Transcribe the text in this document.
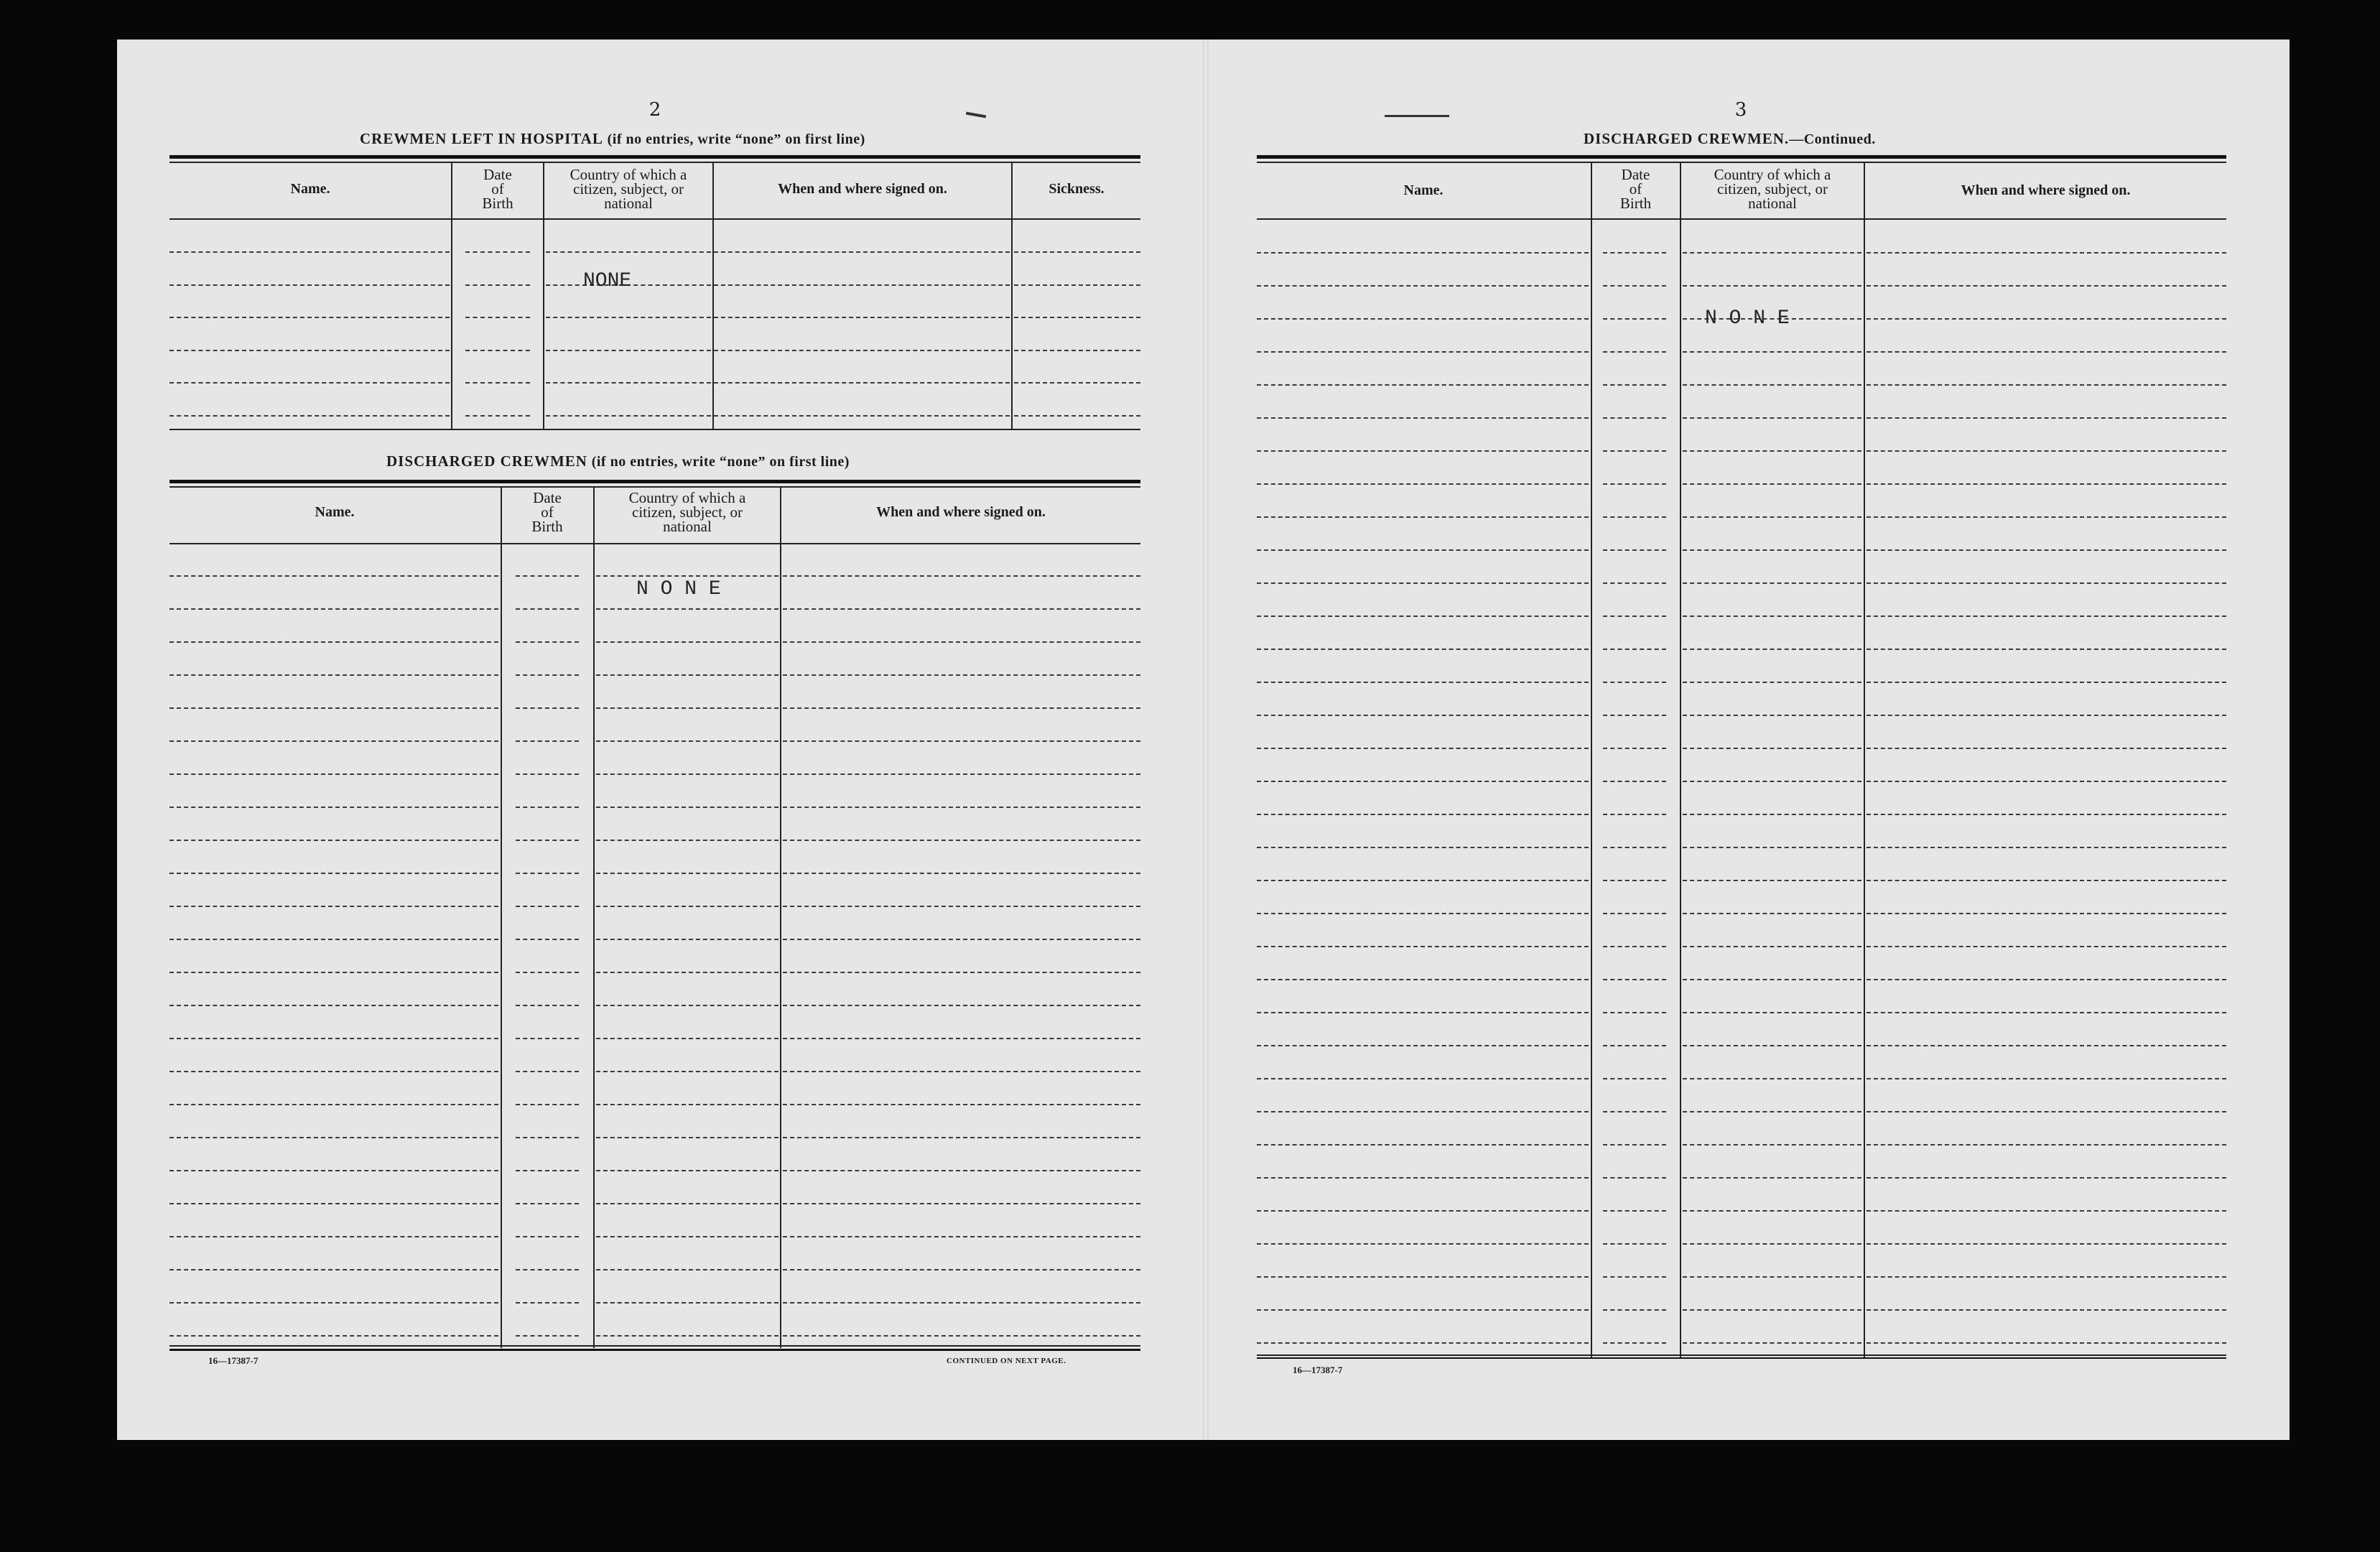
2
CREWMEN LEFT IN HOSPITAL (if no entries, write “none” on first line)
Name.
Date
of
Birth
Country of which a
citizen, subject, or
national
When and where signed on.	Sickness.
NONE
DISCHARGED CREWMEN (if no entries, write “none” on first line)
Name.
Date
of
Birth
Country of which a
citizen, subject, or
national
When and where signed on.
N O N E
16—17387-7	CONTINUED ON NEXT PAGE.
3
DISCHARGED CREWMEN.—Continued.
Name.
Date
of
Birth
Country of which a
citizen, subject, or
national
When and where signed on.
N O N E
16—17387-7
